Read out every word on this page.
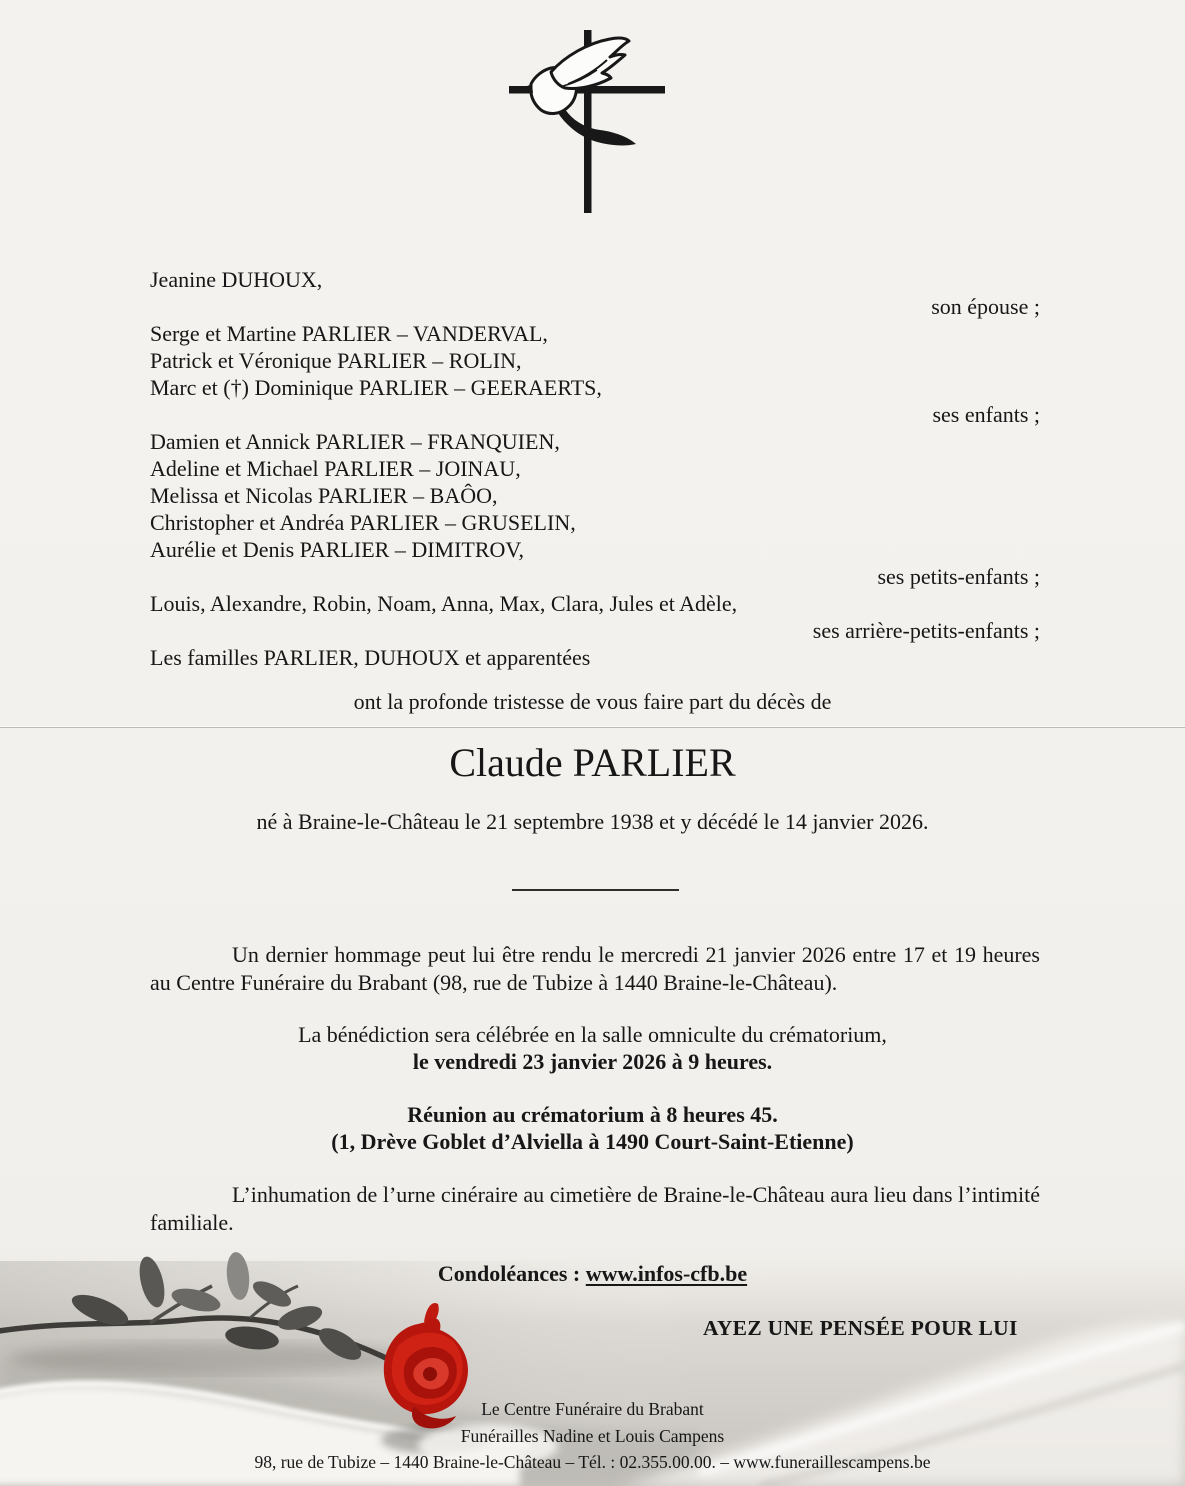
Jeanine DUHOUX,
son épouse ;
Serge et Martine PARLIER – VANDERVAL,
Patrick et Véronique PARLIER – ROLIN,
Marc et (†) Dominique PARLIER – GEERAERTS,
ses enfants ;
Damien et Annick PARLIER – FRANQUIEN,
Adeline et Michael PARLIER – JOINAU,
Melissa et Nicolas PARLIER – BAÔO,
Christopher et Andréa PARLIER – GRUSELIN,
Aurélie et Denis PARLIER – DIMITROV,
ses petits-enfants ;
Louis, Alexandre, Robin, Noam, Anna, Max, Clara, Jules et Adèle,
ses arrière-petits-enfants ;
Les familles PARLIER, DUHOUX et apparentées
ont la profonde tristesse de vous faire part du décès de
Claude PARLIER
né à Braine-le-Château le 21 septembre 1938 et y décédé le 14 janvier 2026.
Un dernier hommage peut lui être rendu le mercredi 21 janvier 2026 entre 17 et 19 heures au Centre Funéraire du Brabant (98, rue de Tubize à 1440 Braine-le-Château).
La bénédiction sera célébrée en la salle omniculte du crématorium,
le vendredi 23 janvier 2026 à 9 heures.
Réunion au crématorium à 8 heures 45.
(1, Drève Goblet d’Alviella à 1490 Court-Saint-Etienne)
L’inhumation de l’urne cinéraire au cimetière de Braine-le-Château aura lieu dans l’intimité familiale.
Condoléances : www.infos-cfb.be
AYEZ UNE PENSÉE POUR LUI
Le Centre Funéraire du Brabant
Funérailles Nadine et Louis Campens
98, rue de Tubize – 1440 Braine-le-Château – Tél. : 02.355.00.00. – www.funeraillescampens.be
